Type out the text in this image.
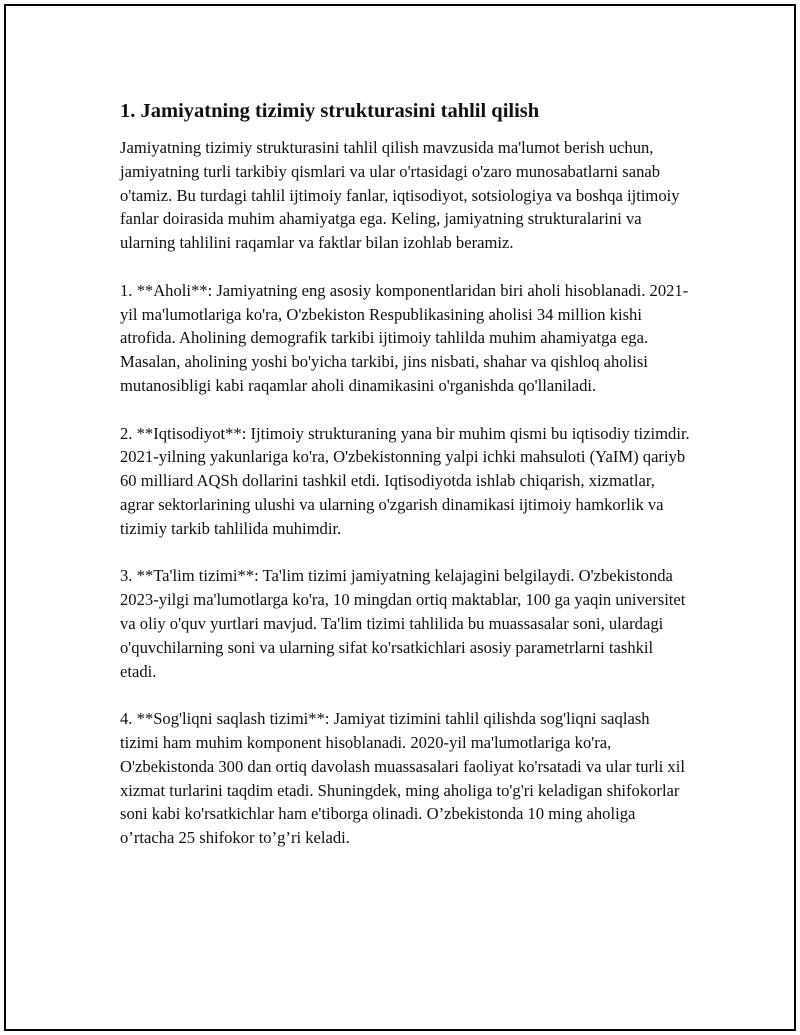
1. Jamiyatning tizimiy strukturasini tahlil qilish

Jamiyatning tizimiy strukturasini tahlil qilish mavzusida ma'lumot berish uchun, jamiyatning turli tarkibiy qismlari va ular o'rtasidagi o'zaro munosabatlarni sanab o'tamiz. Bu turdagi tahlil ijtimoiy fanlar, iqtisodiyot, sotsiologiya va boshqa ijtimoiy fanlar doirasida muhim ahamiyatga ega. Keling, jamiyatning strukturalarini va ularning tahlilini raqamlar va faktlar bilan izohlab beramiz.

1. **Aholi**: Jamiyatning eng asosiy komponentlaridan biri aholi hisoblanadi. 2021-yil ma'lumotlariga ko'ra, O'zbekiston Respublikasining aholisi 34 million kishi atrofida. Aholining demografik tarkibi ijtimoiy tahlilda muhim ahamiyatga ega. Masalan, aholining yoshi bo'yicha tarkibi, jins nisbati, shahar va qishloq aholisi mutanosibligi kabi raqamlar aholi dinamikasini o'rganishda qo'llaniladi.

2. **Iqtisodiyot**: Ijtimoiy strukturaning yana bir muhim qismi bu iqtisodiy tizimdir. 2021-yilning yakunlariga ko'ra, O'zbekistonning yalpi ichki mahsuloti (YaIM) qariyb 60 milliard AQSh dollarini tashkil etdi. Iqtisodiyotda ishlab chiqarish, xizmatlar, agrar sektorlarining ulushi va ularning o'zgarish dinamikasi ijtimoiy hamkorlik va tizimiy tarkib tahlilida muhimdir.

3. **Ta'lim tizimi**: Ta'lim tizimi jamiyatning kelajagini belgilaydi. O'zbekistonda 2023-yilgi ma'lumotlarga ko'ra, 10 mingdan ortiq maktablar, 100 ga yaqin universitet va oliy o'quv yurtlari mavjud. Ta'lim tizimi tahlilida bu muassasalar soni, ulardagi o'quvchilarning soni va ularning sifat ko'rsatkichlari asosiy parametrlarni tashkil etadi.

4. **Sog'liqni saqlash tizimi**: Jamiyat tizimini tahlil qilishda sog'liqni saqlash tizimi ham muhim komponent hisoblanadi. 2020-yil ma'lumotlariga ko'ra, O'zbekistonda 300 dan ortiq davolash muassasalari faoliyat ko'rsatadi va ular turli xil xizmat turlarini taqdim etadi. Shuningdek, ming aholiga to'g'ri keladigan shifokorlar soni kabi ko'rsatkichlar ham e'tiborga olinadi. O’zbekistonda 10 ming aholiga o’rtacha 25 shifokor to’g’ri keladi.
